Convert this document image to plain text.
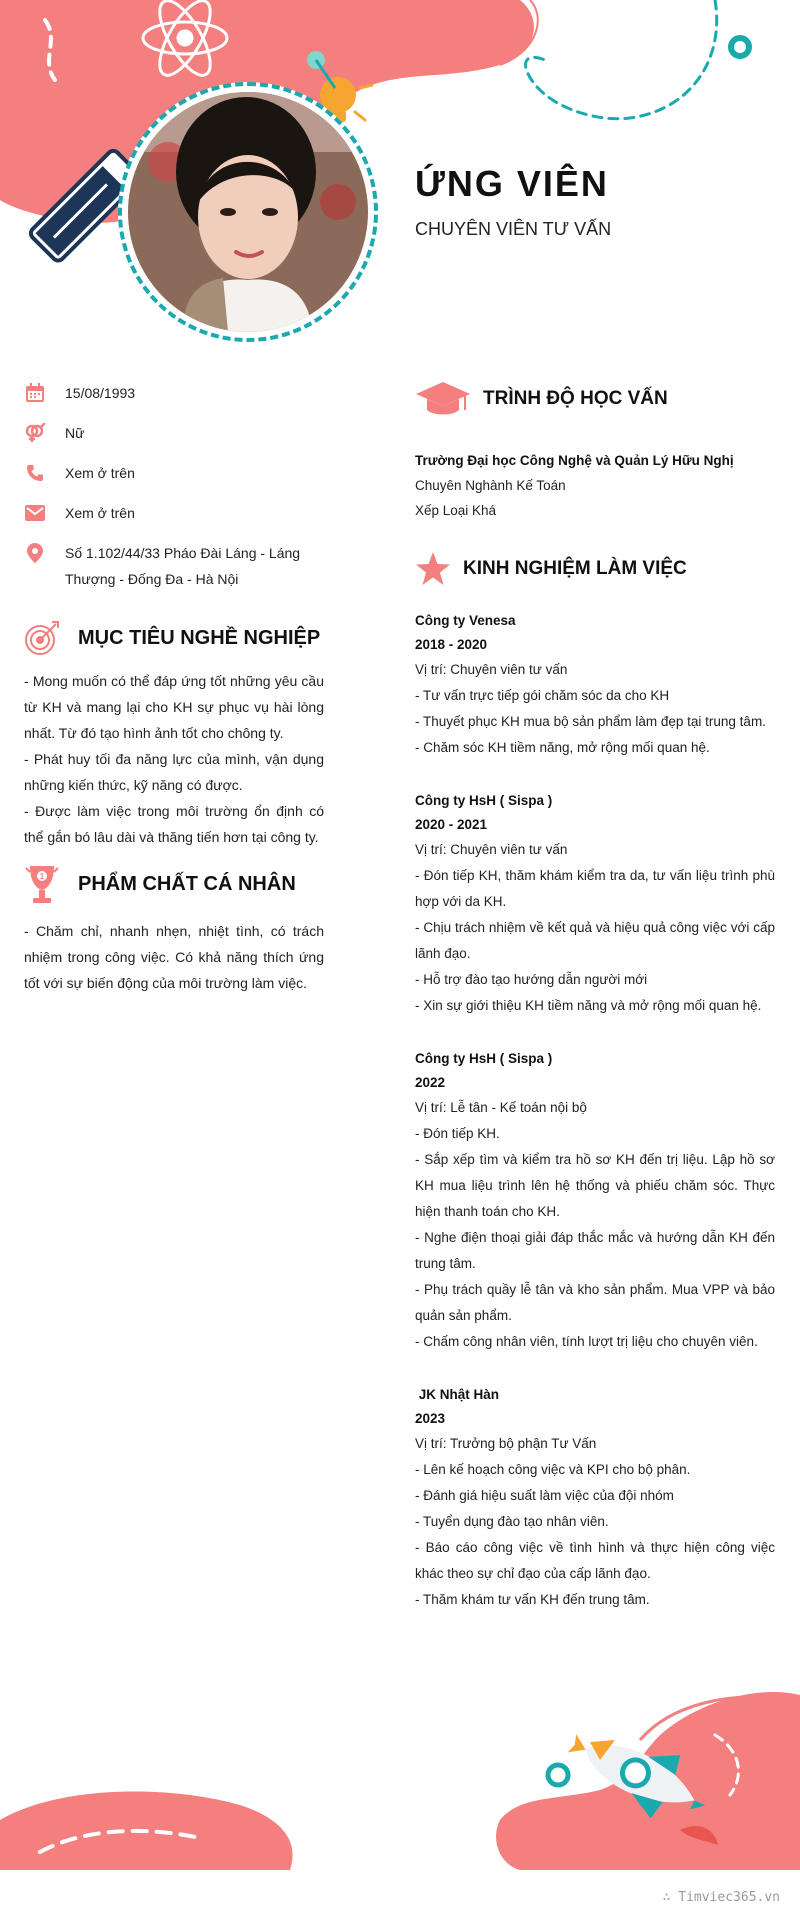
ỨNG VIÊN
CHUYÊN VIÊN TƯ VẤN
15/08/1993
Nữ
Xem ở trên
Xem ở trên
Số 1.102/44/33 Pháo Đài Láng - Láng Thượng - Đống Đa - Hà Nội
MỤC TIÊU NGHỀ NGHIỆP

- Mong muốn có thể đáp ứng tốt những yêu cầu từ KH và mang lại cho KH sự phục vụ hài lòng nhất. Từ đó tạo hình ảnh tốt cho chông ty.

- Phát huy tối đa năng lực của mình, vận dụng những kiến thức, kỹ năng có được.

- Được làm việc trong môi trường ổn định có thể gắn bó lâu dài và thăng tiến hơn tại công ty.

1 PHẨM CHẤT CÁ NHÂN

- Chăm chỉ, nhanh nhẹn, nhiệt tình, có trách nhiệm trong công việc. Có khả năng thích ứng tốt với sự biến động của môi trường làm việc.

TRÌNH ĐỘ HỌC VẤN
Trường Đại học Công Nghệ và Quản Lý Hữu Nghị
Chuyên Nghành Kế Toán
Xếp Loại Khá
KINH NGHIỆM LÀM VIỆC
Công ty Venesa
2018 - 2020
Vị trí: Chuyên viên tư vấn
- Tư vấn trực tiếp gói chăm sóc da cho KH
- Thuyết phục KH mua bộ sản phẩm làm đẹp tại trung tâm.
- Chăm sóc KH tiềm năng, mở rộng mối quan hệ.
Công ty HsH ( Sispa )
2020 - 2021
Vị trí: Chuyên viên tư vấn
- Đón tiếp KH, thăm khám kiểm tra da, tư vấn liệu trình phù hợp với da KH.
- Chịu trách nhiệm về kết quả và hiệu quả công việc với cấp lãnh đạo.
- Hỗ trợ đào tạo hướng dẫn người mới
- Xin sự giới thiệu KH tiềm năng và mở rộng mối quan hệ.
Công ty HsH ( Sispa )
2022
Vị trí: Lễ tân - Kế toán nội bộ
- Đón tiếp KH.
- Sắp xếp tìm và kiểm tra hồ sơ KH đến trị liệu. Lập hồ sơ KH mua liệu trình lên hệ thống và phiếu chăm sóc. Thực hiện thanh toán cho KH.
- Nghe điện thoại giải đáp thắc mắc và hướng dẫn KH đến trung tâm.
- Phụ trách quầy lễ tân và kho sản phẩm. Mua VPP và bảo quản sản phẩm.
- Chấm công nhân viên, tính lượt trị liệu cho chuyên viên.
JK Nhật Hàn
2023
Vị trí: Trưởng bộ phận Tư Vấn
- Lên kế hoạch công việc và KPI cho bộ phân.
- Đánh giá hiệu suất làm việc của đội nhóm
- Tuyển dụng đào tạo nhân viên.
- Báo cáo công việc về tình hình và thực hiện công việc khác theo sự chỉ đạo của cấp lãnh đạo.
- Thăm khám tư vấn KH đến trung tâm.
∴ Timviec365.vn
